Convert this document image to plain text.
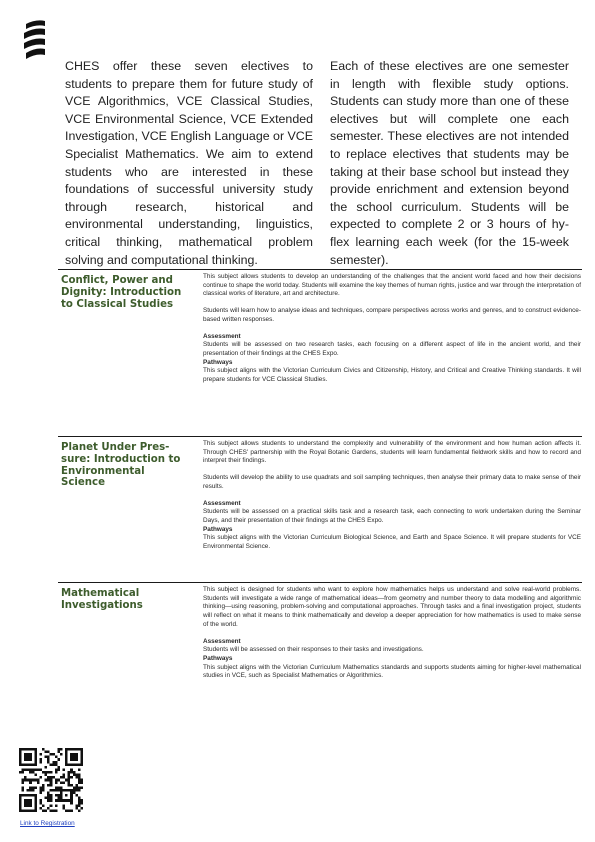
CHES offer these seven electives to students to prepare them for future study of VCE Algorithmics, VCE Classical Studies, VCE Environmental Science, VCE Extended Investigation, VCE English Language or VCE Specialist Mathematics. We aim to extend students who are interested in these foundations of successful university study through research, historical and environmental understanding, linguistics, critical thinking, mathematical problem solving and computational thinking.
Each of these electives are one semester in length with flexible study options. Students can study more than one of these electives but will complete one each semester. These electives are not intended to replace electives that students may be taking at their base school but instead they provide enrichment and extension beyond the school curriculum. Students will be expected to complete 2 or 3 hours of hy-flex learning each week (for the 15-week semester).
Conflict, Power and Dignity: Introduction to Classical Studies

This subject allows students to develop an understanding of the challenges that the ancient world faced and how their decisions continue to shape the world today. Students will examine the key themes of human rights, justice and war through the interpretation of classical works of literature, art and architecture.

Students will learn how to analyse ideas and techniques, compare perspectives across works and genres, and to construct evidence-based written responses.

Assessment

Students will be assessed on two research tasks, each focusing on a different aspect of life in the ancient world, and their presentation of their findings at the CHES Expo.

Pathways

This subject aligns with the Victorian Curriculum Civics and Citizenship, History, and Critical and Creative Thinking standards. It will prepare students for VCE Classical Studies.

Planet Under Pres-sure: Introduction to Environmental Science

This subject allows students to understand the complexity and vulnerability of the environment and how human action affects it. Through CHES' partnership with the Royal Botanic Gardens, students will learn fundamental fieldwork skills and how to record and interpret their findings.

Students will develop the ability to use quadrats and soil sampling techniques, then analyse their primary data to make sense of their results.

Assessment

Students will be assessed on a practical skills task and a research task, each connecting to work undertaken during the Seminar Days, and their presentation of their findings at the CHES Expo.

Pathways

This subject aligns with the Victorian Curriculum Biological Science, and Earth and Space Science. It will prepare students for VCE Environmental Science.

Mathematical Investigations

This subject is designed for students who want to explore how mathematics helps us understand and solve real-world problems. Students will investigate a wide range of mathematical ideas—from geometry and number theory to data modelling and algorithmic thinking—using reasoning, problem-solving and computational approaches. Through tasks and a final investigation project, students will reflect on what it means to think mathematically and develop a deeper appreciation for how mathematics is used to make sense of the world.

Assessment

Students will be assessed on their responses to their tasks and investigations.

Pathways

This subject aligns with the Victorian Curriculum Mathematics standards and supports students aiming for higher-level mathematical studies in VCE, such as Specialist Mathematics or Algorithmics.

Link to Registration
